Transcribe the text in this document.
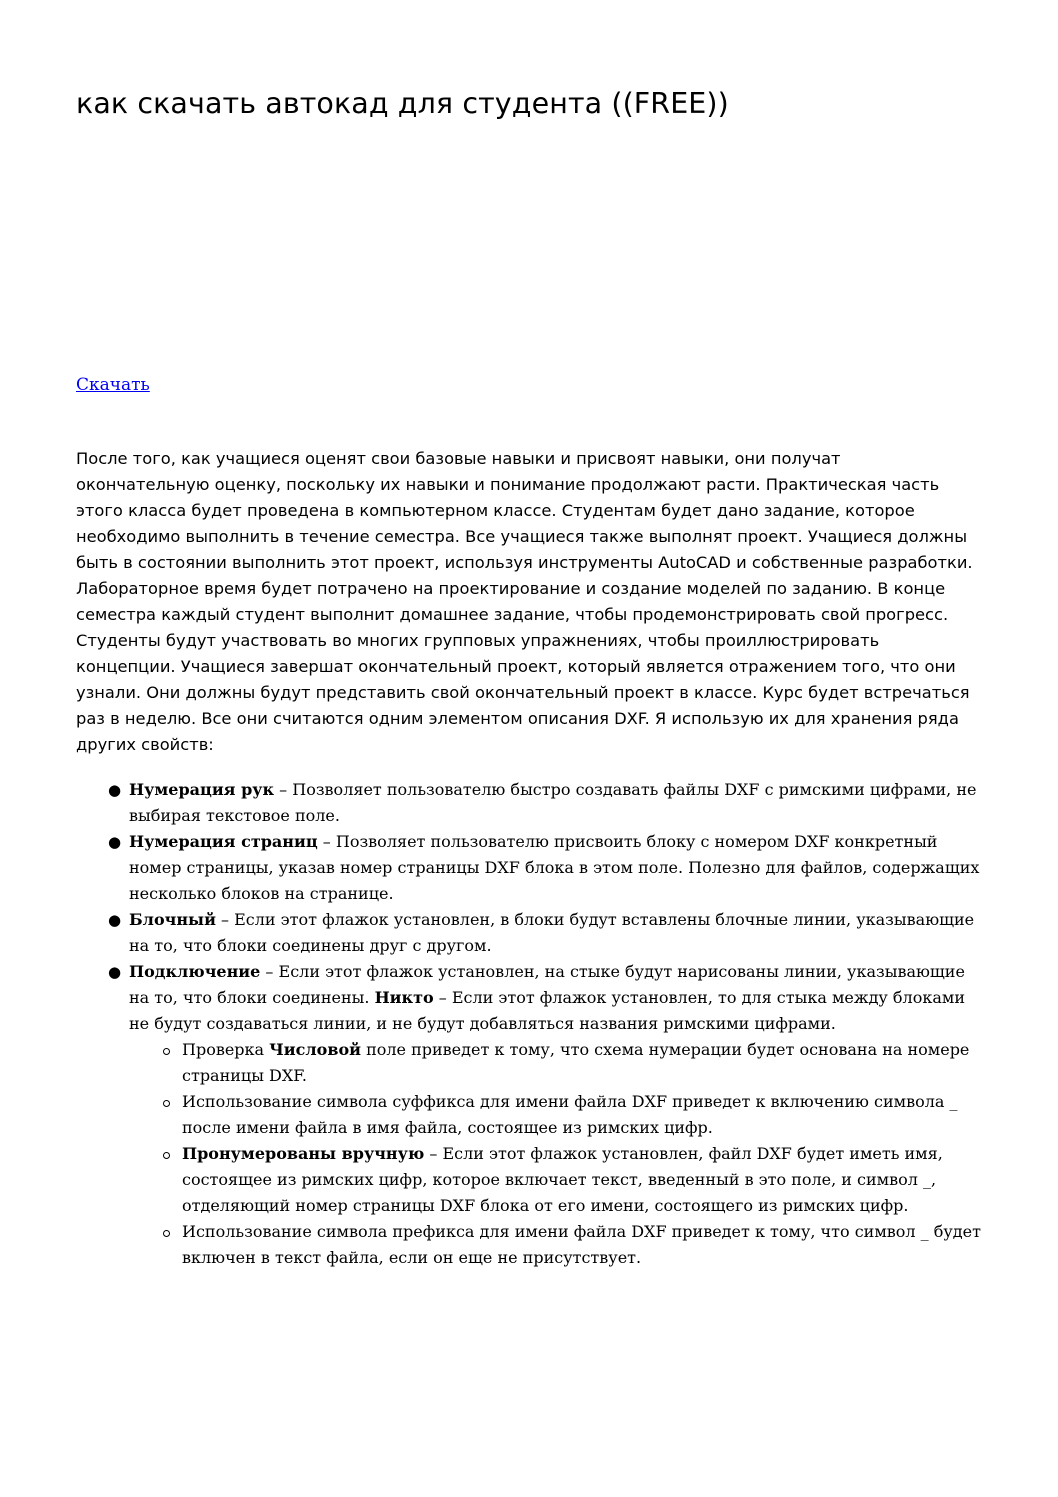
как скачать автокад для студента ((FREE))
Скачать

После того, как учащиеся оценят свои базовые навыки и присвоят навыки, они получат окончательную оценку, поскольку их навыки и понимание продолжают расти. Практическая часть этого класса будет проведена в компьютерном классе. Студентам будет дано задание, которое необходимо выполнить в течение семестра. Все учащиеся также выполнят проект. Учащиеся должны быть в состоянии выполнить этот проект, используя инструменты AutoCAD и собственные разработки. Лабораторное время будет потрачено на проектирование и создание моделей по заданию. В конце семестра каждый студент выполнит домашнее задание, чтобы продемонстрировать свой прогресс. Студенты будут участвовать во многих групповых упражнениях, чтобы проиллюстрировать концепции. Учащиеся завершат окончательный проект, который является отражением того, что они узнали. Они должны будут представить свой окончательный проект в классе. Курс будет встречаться раз в неделю. Все они считаются одним элементом описания DXF. Я использую их для хранения ряда других свойств:

● Нумерация рук – Позволяет пользователю быстро создавать файлы DXF с римскими цифрами, не выбирая текстовое поле.
● Нумерация страниц – Позволяет пользователю присвоить блоку с номером DXF конкретный номер страницы, указав номер страницы DXF блока в этом поле. Полезно для файлов, содержащих несколько блоков на странице.
● Блочный – Если этот флажок установлен, в блоки будут вставлены блочные линии, указывающие на то, что блоки соединены друг с другом.
● Подключение – Если этот флажок установлен, на стыке будут нарисованы линии, указывающие на то, что блоки соединены. Никто – Если этот флажок установлен, то для стыка между блоками не будут создаваться линии, и не будут добавляться названия римскими цифрами.
Проверка Числовой поле приведет к тому, что схема нумерации будет основана на номере страницы DXF.
Использование символа суффикса для имени файла DXF приведет к включению символа _ после имени файла в имя файла, состоящее из римских цифр.
Пронумерованы вручную – Если этот флажок установлен, файл DXF будет иметь имя, состоящее из римских цифр, которое включает текст, введенный в это поле, и символ _, отделяющий номер страницы DXF блока от его имени, состоящего из римских цифр.
Использование символа префикса для имени файла DXF приведет к тому, что символ _ будет включен в текст файла, если он еще не присутствует.
